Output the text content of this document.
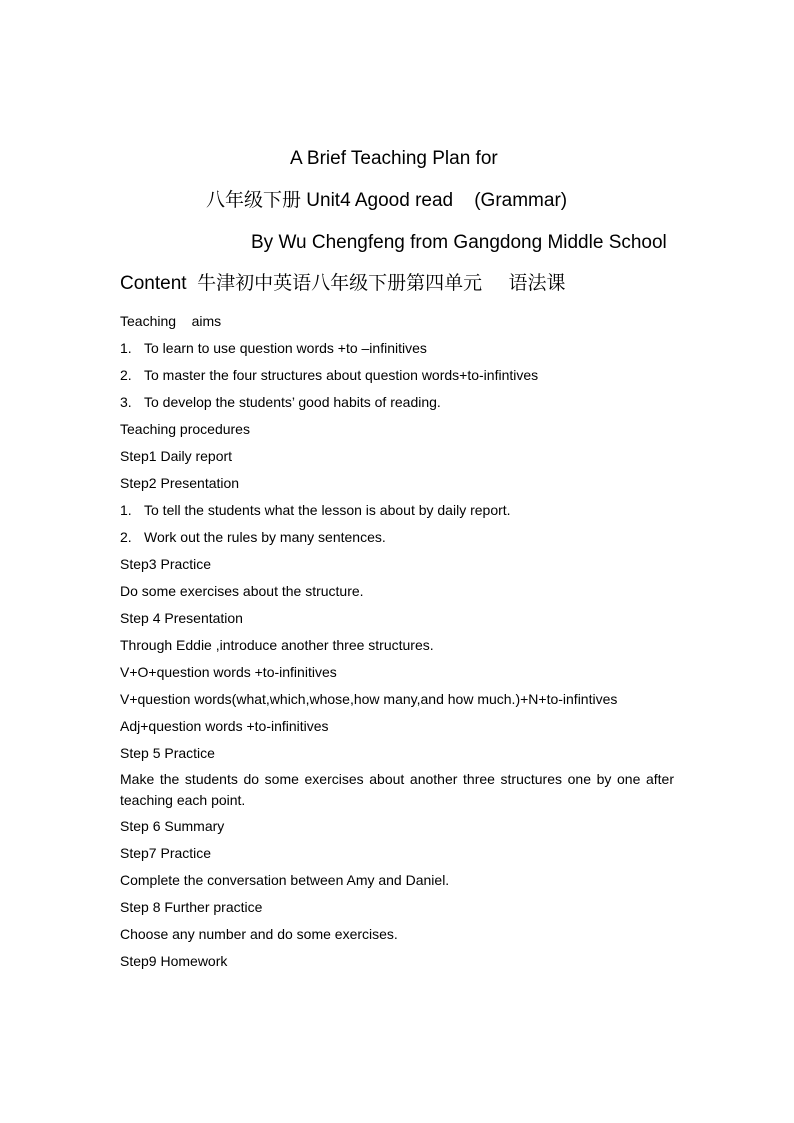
A Brief Teaching Plan for
八年级下册 Unit4 Agood read    (Grammar)
By Wu Chengfeng from Gangdong Middle School
Content 牛津初中英语八年级下册第四单元     语法课
Teaching    aims
1. To learn to use question words +to –infinitives
2. To master the four structures about question words+to-infintives
3. To develop the students’ good habits of reading.
Teaching procedures
Step1 Daily report
Step2 Presentation
1. To tell the students what the lesson is about by daily report.
2. Work out the rules by many sentences.
Step3 Practice
Do some exercises about the structure.
Step 4 Presentation
Through Eddie ,introduce another three structures.
V+O+question words +to-infinitives
V+question words(what,which,whose,how many,and how much.)+N+to-infintives
Adj+question words +to-infinitives
Step 5 Practice
Make the students do some exercises about another three structures one by one after teaching each point.
Step 6 Summary
Step7 Practice
Complete the conversation between Amy and Daniel.
Step 8 Further practice
Choose any number and do some exercises.
Step9 Homework
